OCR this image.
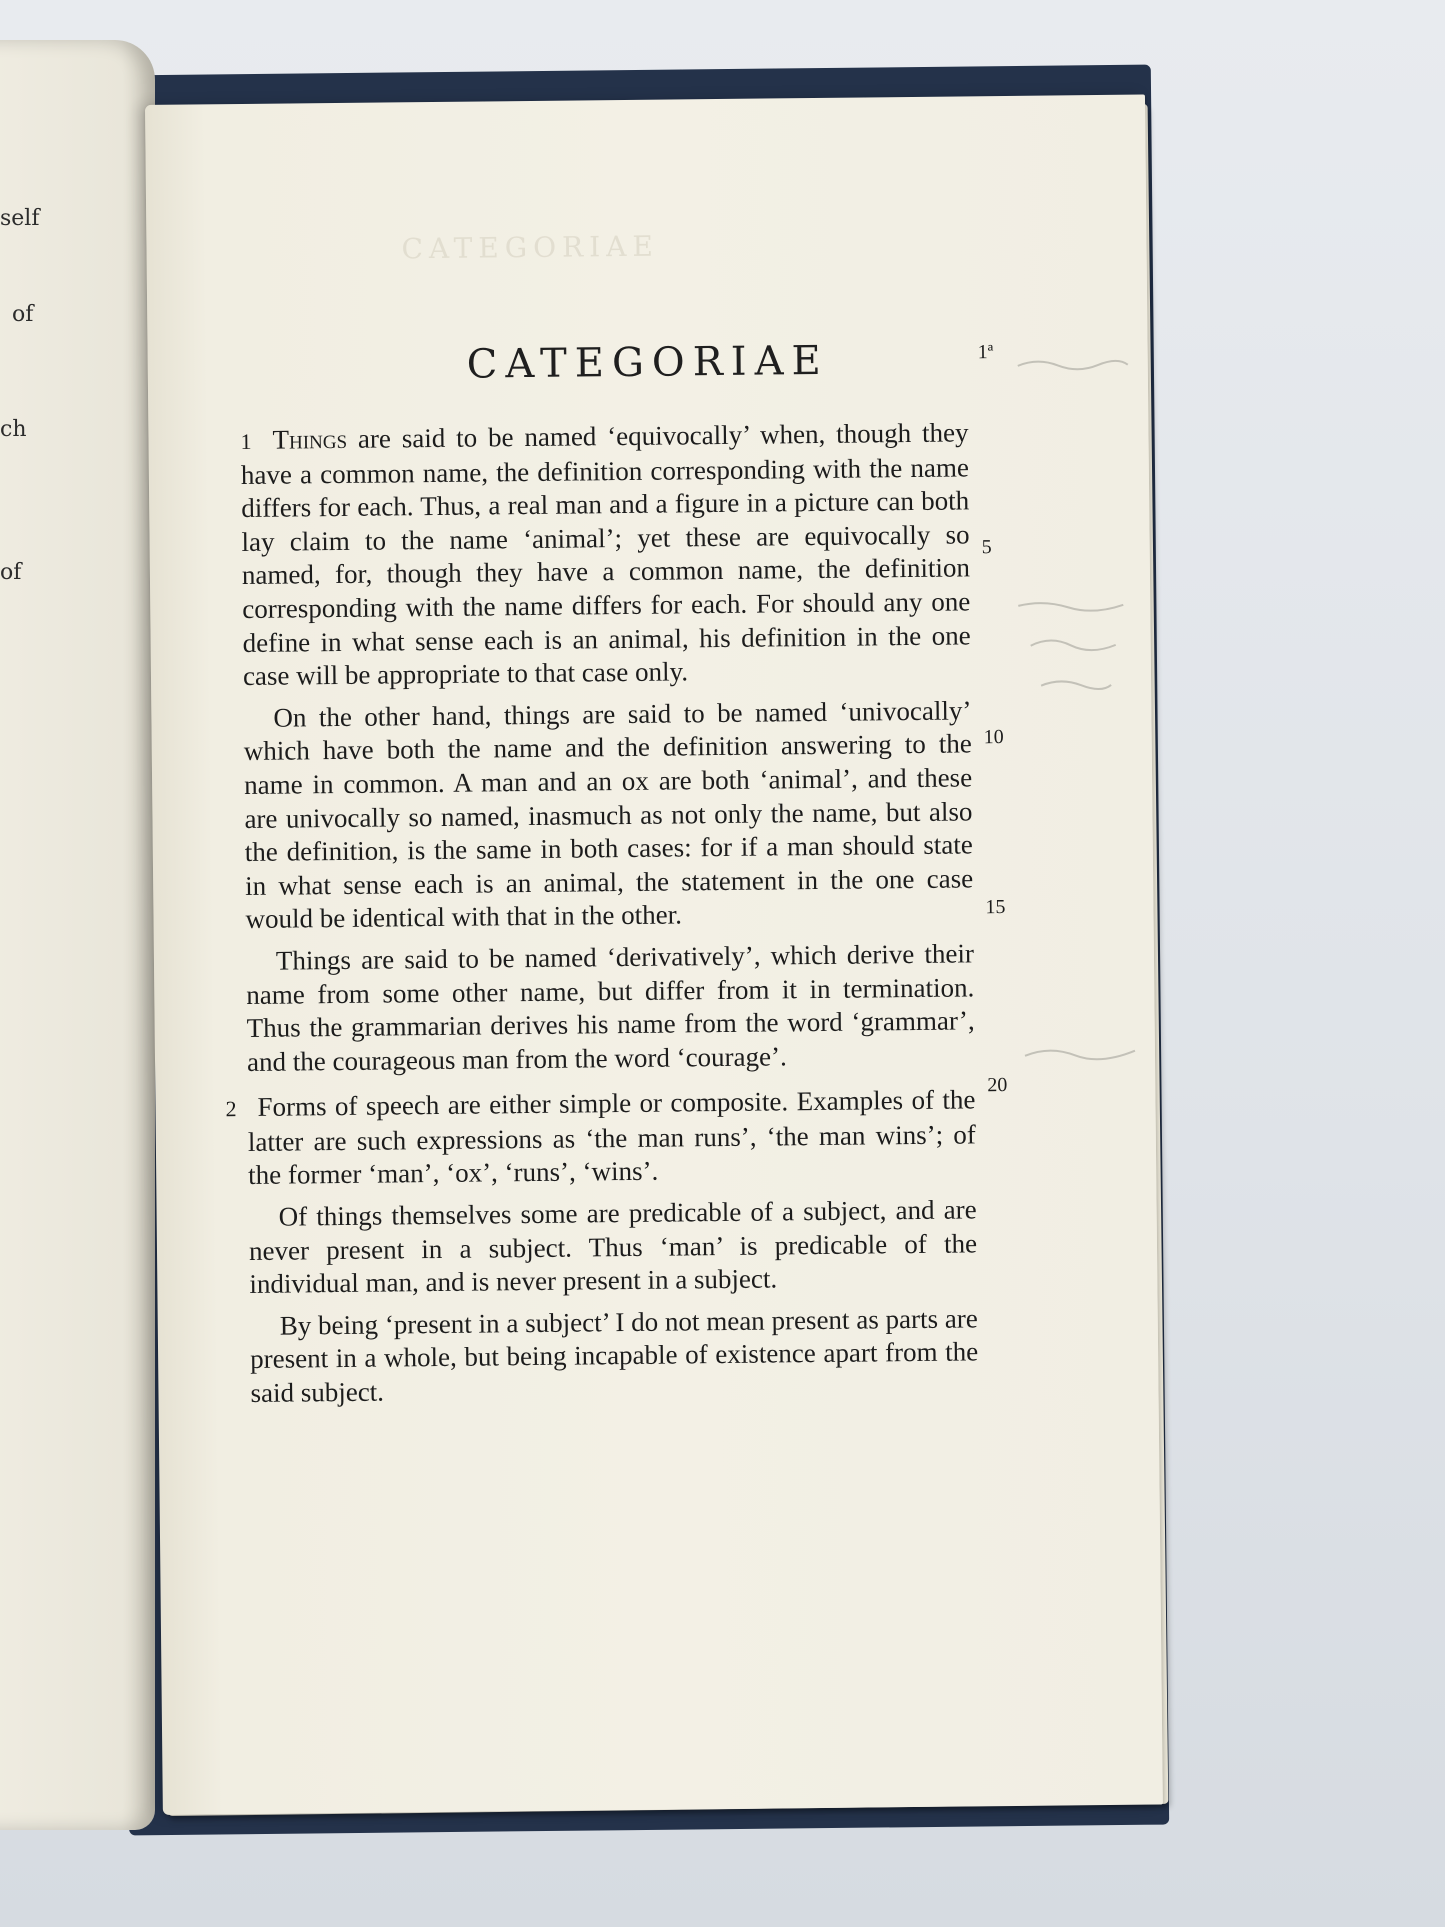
self
of
ch
of
CATEGORIAE
CATEGORIAE

1 Things are said to be named ‘equivocally’ when, though they have a common name, the definition corresponding with the name differs for each. Thus, a real man and a figure in a picture can both lay claim to the name ‘animal’; yet these are equivocally so named, for, though they have a common name, the definition corresponding with the name differs for each. For should any one define in what sense each is an animal, his definition in the one case will be appropriate to that case only.

On the other hand, things are said to be named ‘univocally’ which have both the name and the definition answering to the name in common. A man and an ox are both ‘animal’, and these are univocally so named, inasmuch as not only the name, but also the definition, is the same in both cases: for if a man should state in what sense each is an animal, the statement in the one case would be identical with that in the other.

Things are said to be named ‘derivatively’, which derive their name from some other name, but differ from it in termination. Thus the grammarian derives his name from the word ‘grammar’, and the courageous man from the word ‘courage’.

2 Forms of speech are either simple or composite. Examples of the latter are such expressions as ‘the man runs’, ‘the man wins’; of the former ‘man’, ‘ox’, ‘runs’, ‘wins’.

Of things themselves some are predicable of a subject, and are never present in a subject. Thus ‘man’ is predicable of the individual man, and is never present in a subject.

By being ‘present in a subject’ I do not mean present as parts are present in a whole, but being incapable of existence apart from the said subject.

1ª
5
10
15
20
